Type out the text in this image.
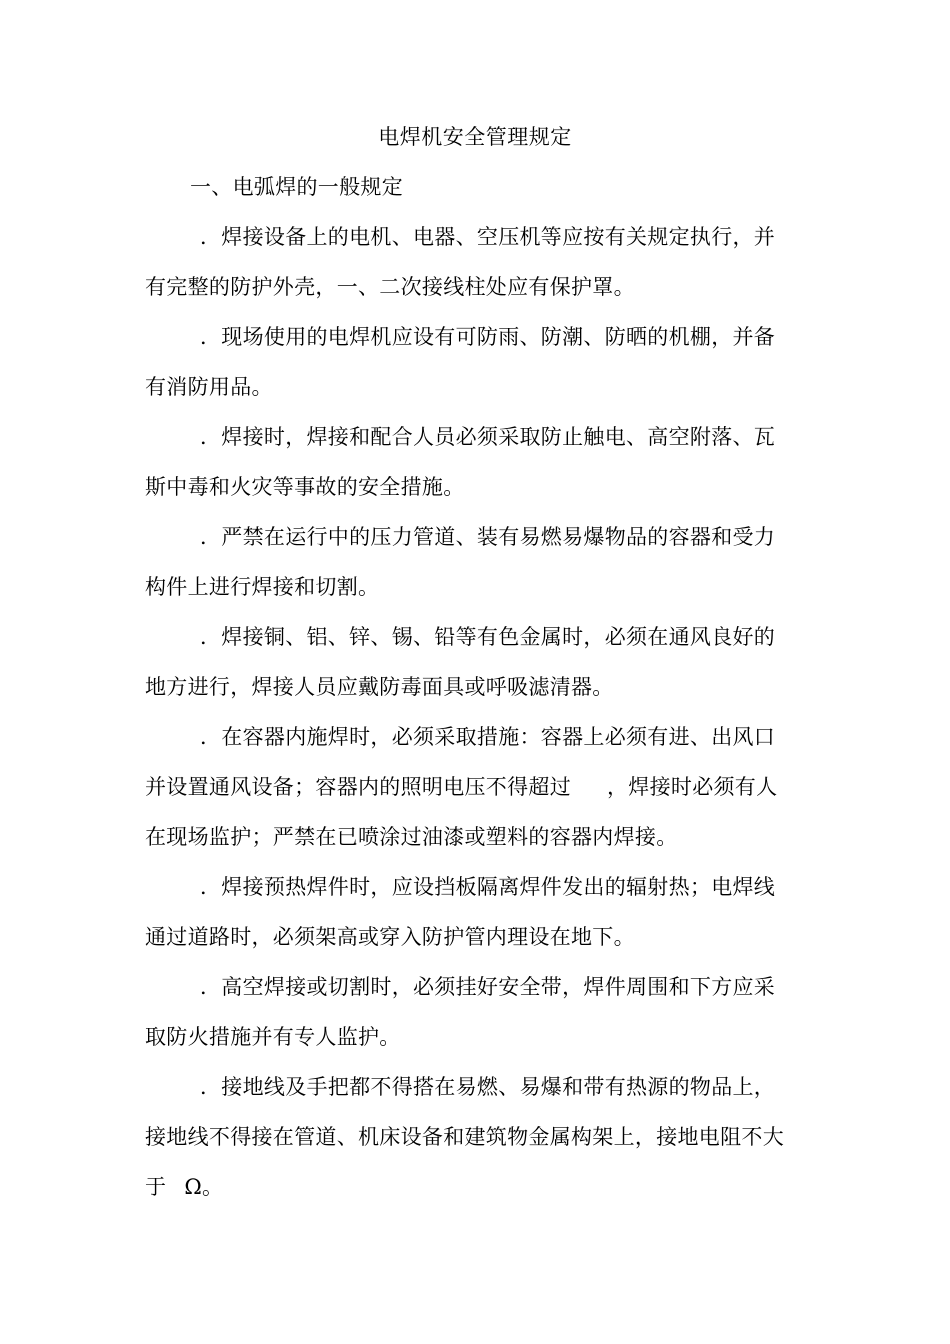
电焊机安全管理规定
一、电弧焊的一般规定
．焊接设备上的电机、电器、空压机等应按有关规定执行，并
有完整的防护外壳，一、二次接线柱处应有保护罩。
．现场使用的电焊机应设有可防雨、防潮、防晒的机棚，并备
有消防用品。
．焊接时，焊接和配合人员必须采取防止触电、高空附落、瓦
斯中毒和火灾等事故的安全措施。
．严禁在运行中的压力管道、装有易燃易爆物品的容器和受力
构件上进行焊接和切割。
．焊接铜、铝、锌、锡、铅等有色金属时，必须在通风良好的
地方进行，焊接人员应戴防毒面具或呼吸滤清器。
．在容器内施焊时，必须采取措施：容器上必须有进、出风口
并设置通风设备；容器内的照明电压不得超过 ，焊接时必须有人
在现场监护；严禁在已喷涂过油漆或塑料的容器内焊接。
．焊接预热焊件时，应设挡板隔离焊件发出的辐射热；电焊线
通过道路时，必须架高或穿入防护管内理设在地下。
．高空焊接或切割时，必须挂好安全带，焊件周围和下方应采
取防火措施并有专人监护。
．接地线及手把都不得搭在易燃、易爆和带有热源的物品上，
接地线不得接在管道、机床设备和建筑物金属构架上，接地电阻不大
于 Ω。
